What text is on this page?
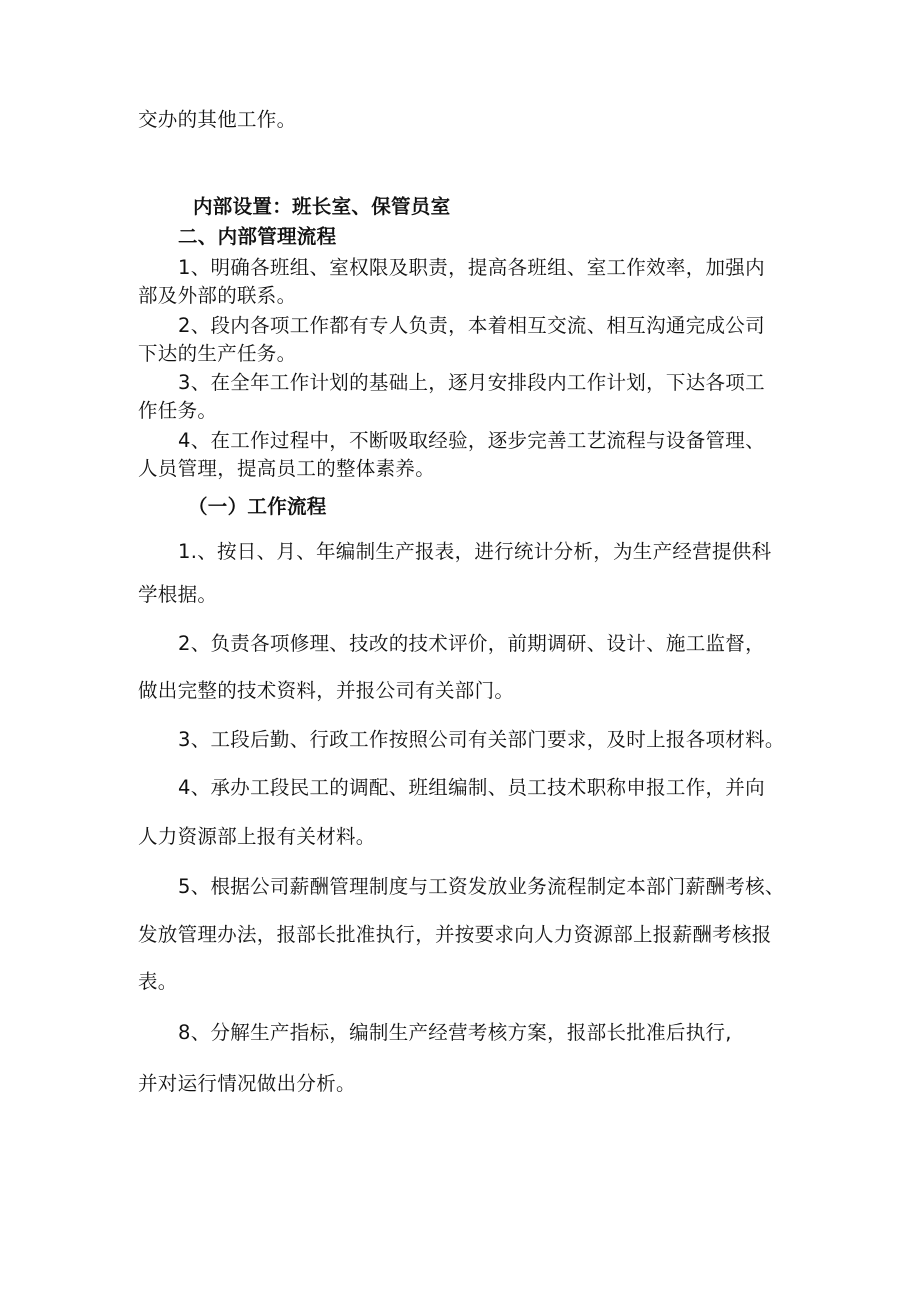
交办的其他工作。
内部设置：班长室、保管员室
二、内部管理流程
1、明确各班组、室权限及职责，提高各班组、室工作效率，加强内
部及外部的联系。
2、段内各项工作都有专人负责，本着相互交流、相互沟通完成公司
下达的生产任务。
3、在全年工作计划的基础上，逐月安排段内工作计划，下达各项工
作任务。
4、在工作过程中，不断吸取经验，逐步完善工艺流程与设备管理、
人员管理，提高员工的整体素养。
（一）工作流程
1.、按日、月、年编制生产报表，进行统计分析，为生产经营提供科
学根据。
2、负责各项修理、技改的技术评价，前期调研、设计、施工监督，
做出完整的技术资料，并报公司有关部门。
3、工段后勤、行政工作按照公司有关部门要求，及时上报各项材料。
4、承办工段民工的调配、班组编制、员工技术职称申报工作，并向
人力资源部上报有关材料。
5、根据公司薪酬管理制度与工资发放业务流程制定本部门薪酬考核、
发放管理办法，报部长批准执行，并按要求向人力资源部上报薪酬考核报
表。
8、分解生产指标，编制生产经营考核方案，报部长批准后执行,
并对运行情况做出分析。
